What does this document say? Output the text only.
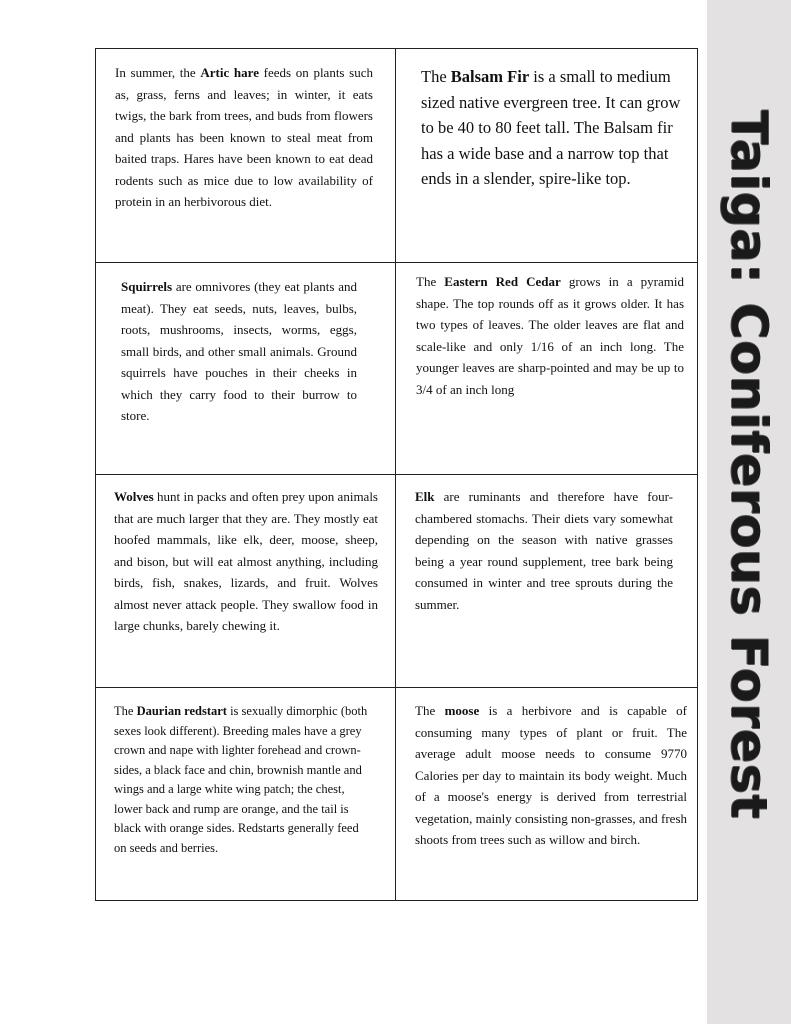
Taiga: Coniferous Forest
In summer, the Artic hare feeds on plants such as, grass, ferns and leaves; in winter, it eats twigs, the bark from trees, and buds from flowers and plants has been known to steal meat from baited traps. Hares have been known to eat dead rodents such as mice due to low availability of protein in an herbivorous diet.
The Balsam Fir is a small to medium sized native evergreen tree. It can grow to be 40 to 80 feet tall. The Balsam fir has a wide base and a narrow top that ends in a slender, spire-like top.
Squirrels are omnivores (they eat plants and meat). They eat seeds, nuts, leaves, bulbs, roots, mushrooms, insects, worms, eggs, small birds, and other small animals. Ground squirrels have pouches in their cheeks in which they carry food to their burrow to store.
The Eastern Red Cedar grows in a pyramid shape. The top rounds off as it grows older. It has two types of leaves. The older leaves are flat and scale-like and only 1/16 of an inch long. The younger leaves are sharp-pointed and may be up to 3/4 of an inch long
Wolves hunt in packs and often prey upon animals that are much larger that they are. They mostly eat hoofed mammals, like elk, deer, moose, sheep, and bison, but will eat almost anything, including birds, fish, snakes, lizards, and fruit. Wolves almost never attack people. They swallow food in large chunks, barely chewing it.
Elk are ruminants and therefore have four-chambered stomachs. Their diets vary somewhat depending on the season with native grasses being a year round supplement, tree bark being consumed in winter and tree sprouts during the summer.
The Daurian redstart is sexually dimorphic (both sexes look different). Breeding males have a grey crown and nape with lighter forehead and crown-sides, a black face and chin, brownish mantle and wings and a large white wing patch; the chest, lower back and rump are orange, and the tail is black with orange sides. Redstarts generally feed on seeds and berries.
The moose is a herbivore and is capable of consuming many types of plant or fruit. The average adult moose needs to consume 9770 Calories per day to maintain its body weight. Much of a moose's energy is derived from terrestrial vegetation, mainly consisting non-grasses, and fresh shoots from trees such as willow and birch.
